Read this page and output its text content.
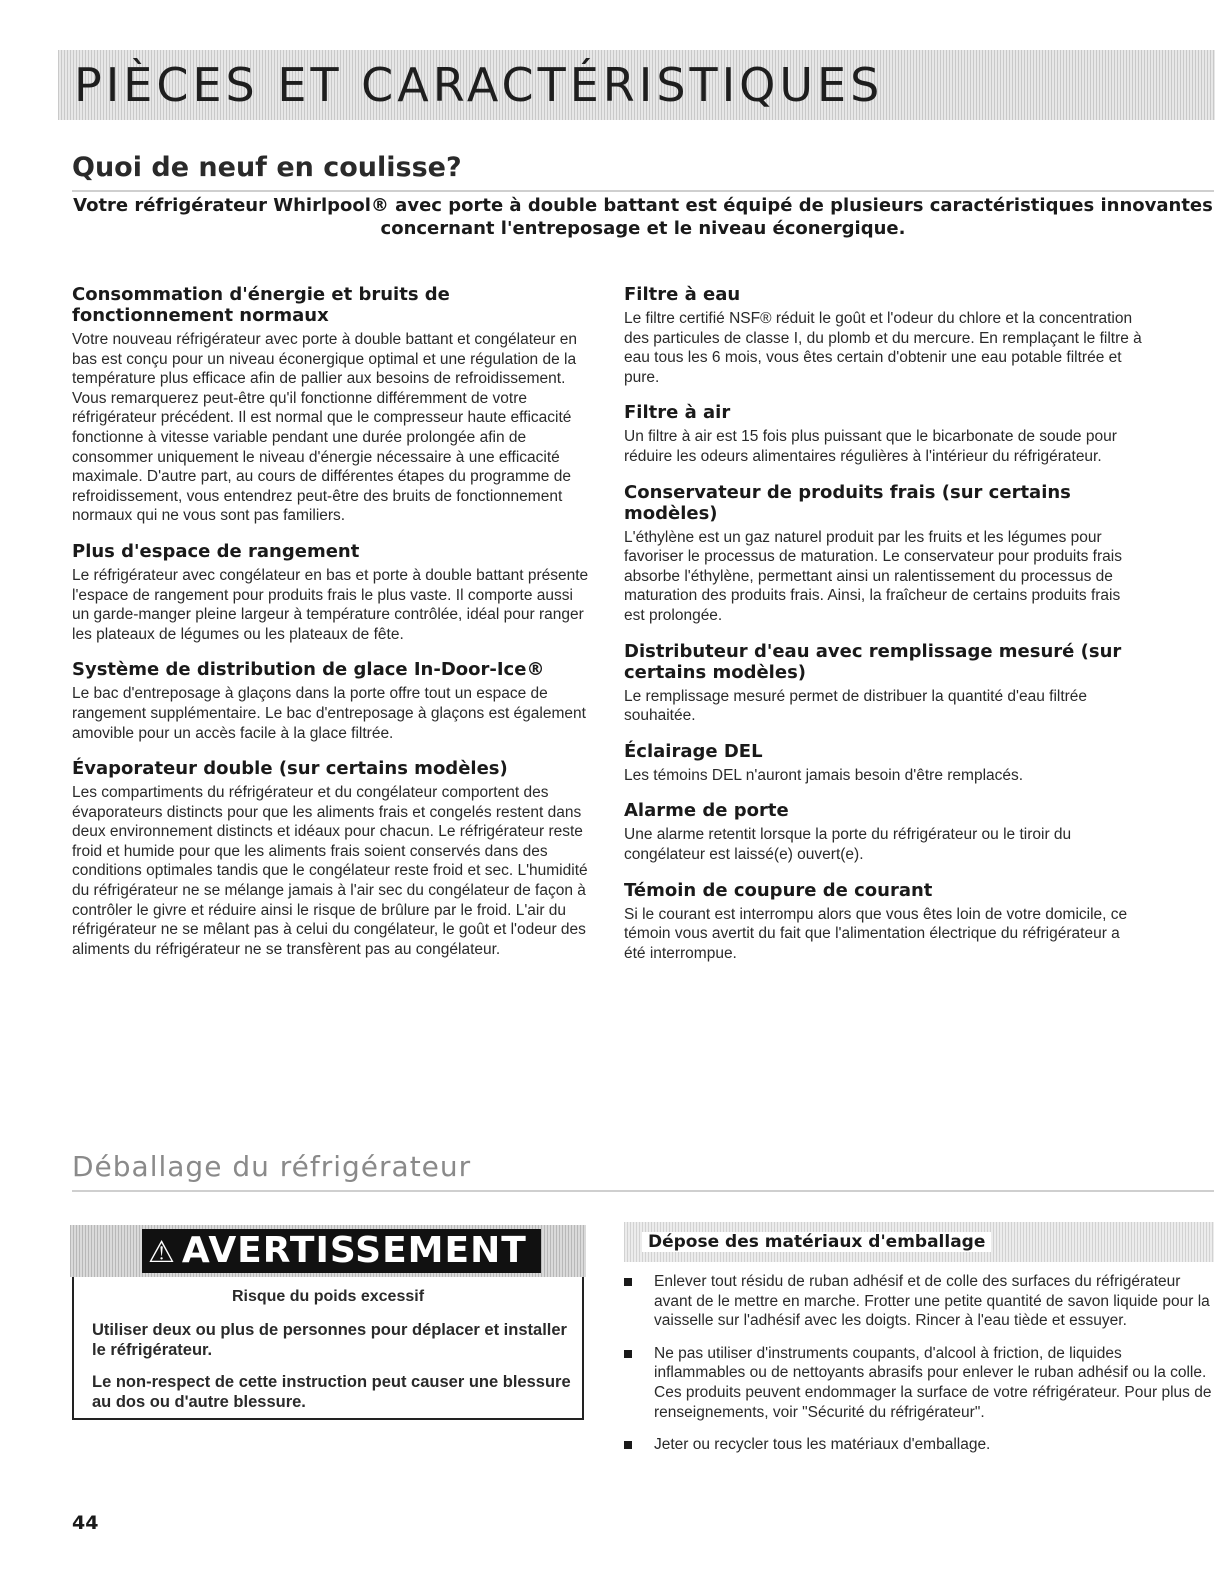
PIÈCES ET CARACTÉRISTIQUES
Quoi de neuf en coulisse?

Votre réfrigérateur Whirlpool® avec porte à double battant est équipé de plusieurs caractéristiques innovantes concernant l'entreposage et le niveau éconergique.

Consommation d'énergie et bruits de fonctionnement normaux

Votre nouveau réfrigérateur avec porte à double battant et congélateur en bas est conçu pour un niveau éconergique optimal et une régulation de la température plus efficace afin de pallier aux besoins de refroidissement. Vous remarquerez peut-être qu'il fonctionne différemment de votre réfrigérateur précédent. Il est normal que le compresseur haute efficacité fonctionne à vitesse variable pendant une durée prolongée afin de consommer uniquement le niveau d'énergie nécessaire à une efficacité maximale. D'autre part, au cours de différentes étapes du programme de refroidissement, vous entendrez peut-être des bruits de fonctionnement normaux qui ne vous sont pas familiers.

Plus d'espace de rangement

Le réfrigérateur avec congélateur en bas et porte à double battant présente l'espace de rangement pour produits frais le plus vaste. Il comporte aussi un garde-manger pleine largeur à température contrôlée, idéal pour ranger les plateaux de légumes ou les plateaux de fête.

Système de distribution de glace In-Door-Ice®

Le bac d'entreposage à glaçons dans la porte offre tout un espace de rangement supplémentaire. Le bac d'entreposage à glaçons est également amovible pour un accès facile à la glace filtrée.

Évaporateur double (sur certains modèles)

Les compartiments du réfrigérateur et du congélateur comportent des évaporateurs distincts pour que les aliments frais et congelés restent dans deux environnement distincts et idéaux pour chacun. Le réfrigérateur reste froid et humide pour que les aliments frais soient conservés dans des conditions optimales tandis que le congélateur reste froid et sec. L'humidité du réfrigérateur ne se mélange jamais à l'air sec du congélateur de façon à contrôler le givre et réduire ainsi le risque de brûlure par le froid. L'air du réfrigérateur ne se mêlant pas à celui du congélateur, le goût et l'odeur des aliments du réfrigérateur ne se transfèrent pas au congélateur.

Filtre à eau

Le filtre certifié NSF® réduit le goût et l'odeur du chlore et la concentration des particules de classe I, du plomb et du mercure. En remplaçant le filtre à eau tous les 6 mois, vous êtes certain d'obtenir une eau potable filtrée et pure.

Filtre à air

Un filtre à air est 15 fois plus puissant que le bicarbonate de soude pour réduire les odeurs alimentaires régulières à l'intérieur du réfrigérateur.

Conservateur de produits frais (sur certains modèles)

L'éthylène est un gaz naturel produit par les fruits et les légumes pour favoriser le processus de maturation. Le conservateur pour produits frais absorbe l'éthylène, permettant ainsi un ralentissement du processus de maturation des produits frais. Ainsi, la fraîcheur de certains produits frais est prolongée.

Distributeur d'eau avec remplissage mesuré (sur certains modèles)

Le remplissage mesuré permet de distribuer la quantité d'eau filtrée souhaitée.

Éclairage DEL

Les témoins DEL n'auront jamais besoin d'être remplacés.

Alarme de porte

Une alarme retentit lorsque la porte du réfrigérateur ou le tiroir du congélateur est laissé(e) ouvert(e).

Témoin de coupure de courant

Si le courant est interrompu alors que vous êtes loin de votre domicile, ce témoin vous avertit du fait que l'alimentation électrique du réfrigérateur a été interrompue.

Déballage du réfrigérateur
⚠ AVERTISSEMENT

Risque du poids excessif

Utiliser deux ou plus de personnes pour déplacer et installer le réfrigérateur.

Le non-respect de cette instruction peut causer une blessure au dos ou d'autre blessure.

Dépose des matériaux d'emballage
Enlever tout résidu de ruban adhésif et de colle des surfaces du réfrigérateur avant de le mettre en marche. Frotter une petite quantité de savon liquide pour la vaisselle sur l'adhésif avec les doigts. Rincer à l'eau tiède et essuyer.
Ne pas utiliser d'instruments coupants, d'alcool à friction, de liquides inflammables ou de nettoyants abrasifs pour enlever le ruban adhésif ou la colle. Ces produits peuvent endommager la surface de votre réfrigérateur. Pour plus de renseignements, voir "Sécurité du réfrigérateur".
Jeter ou recycler tous les matériaux d'emballage.

44
